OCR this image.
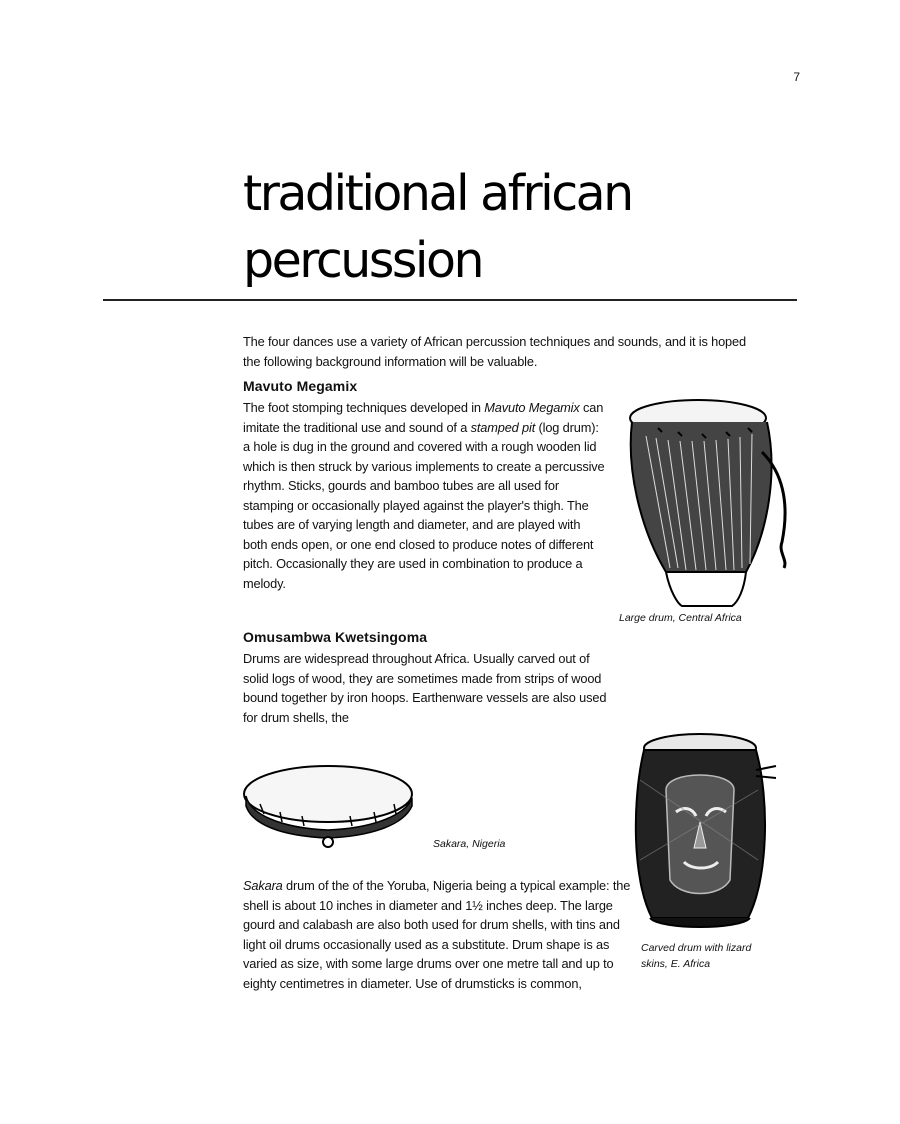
7
traditional african
percussion

The four dances use a variety of African percussion techniques and sounds, and it is hoped the following background information will be valuable.

Mavuto Megamix

The foot stomping techniques developed in Mavuto Megamix can imitate the traditional use and sound of a stamped pit (log drum): a hole is dug in the ground and covered with a rough wooden lid which is then struck by various implements to create a percussive rhythm. Sticks, gourds and bamboo tubes are all used for stamping or occasionally played against the player's thigh. The tubes are of varying length and diameter, and are played with both ends open, or one end closed to produce notes of different pitch. Occasionally they are used in combination to produce a melody.

Omusambwa Kwetsingoma

Drums are widespread throughout Africa. Usually carved out of solid logs of wood, they are sometimes made from strips of wood bound together by iron hoops. Earthenware vessels are also used for drum shells, the

Sakara drum of the of the Yoruba, Nigeria being a typical example: the shell is about 10 inches in diameter and 1½ inches deep. The large gourd and calabash are also both used for drum shells, with tins and light oil drums occasionally used as a substitute. Drum shape is as varied as size, with some large drums over one metre tall and up to eighty centimetres in diameter. Use of drumsticks is common,

Large drum, Central Africa

Sakara, Nigeria

Carved drum with lizard skins, E. Africa
